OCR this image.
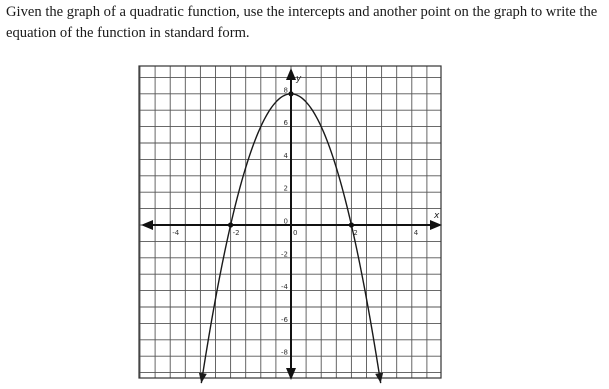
Given the graph of a quadratic function, use the intercepts and another point on the graph to write the equation of the function in standard form.
x
y
-4	-2	0	2	4
8
6
4
2
0
-2
-4
-6
-8
